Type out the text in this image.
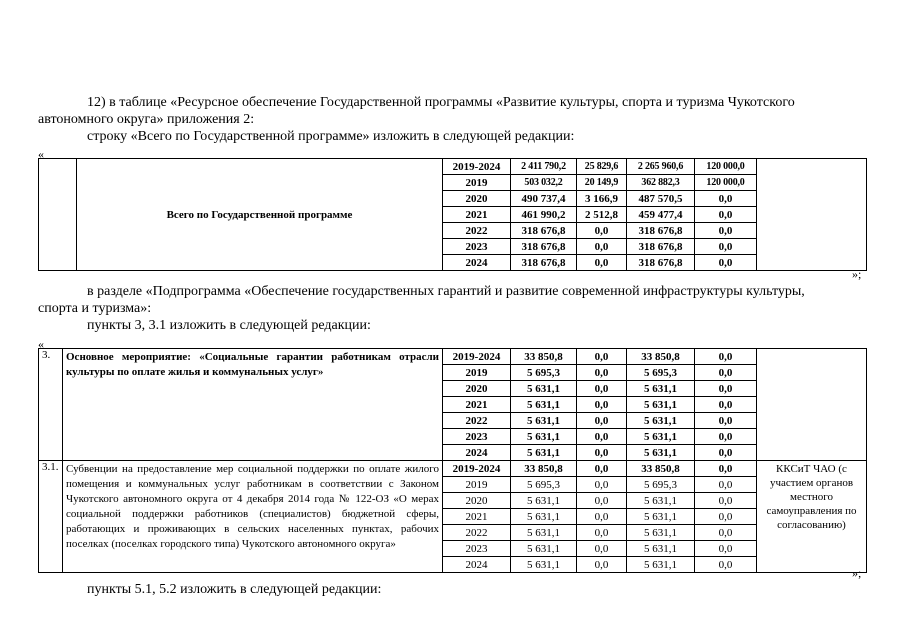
12) в таблице «Ресурсное обеспечение Государственной программы «Развитие культуры, спорта и туризма Чукотского
автономного округа» приложения 2:
строку «Всего по Государственной программе» изложить в следующей редакции:
«
	Всего по Государственной программе	2019-2024	2 411 790,2	25 829,6	2 265 960,6	120 000,0	
		2019	503 032,2	20 149,9	362 882,3	120 000,0	
		2020	490 737,4	3 166,9	487 570,5	0,0	
		2021	461 990,2	2 512,8	459 477,4	0,0	
		2022	318 676,8	0,0	318 676,8	0,0	
		2023	318 676,8	0,0	318 676,8	0,0	
		2024	318 676,8	0,0	318 676,8	0,0	
»;
в разделе «Подпрограмма «Обеспечение государственных гарантий и развитие современной инфраструктуры культуры,
спорта и туризма»:
пункты 3, 3.1 изложить в следующей редакции:
«
3.	Основное мероприятие: «Социальные гарантии работникам отрасли культуры по оплате жилья и коммунальных услуг»	2019-2024	33 850,8	0,0	33 850,8	0,0	
		2019	5 695,3	0,0	5 695,3	0,0	
		2020	5 631,1	0,0	5 631,1	0,0	
		2021	5 631,1	0,0	5 631,1	0,0	
		2022	5 631,1	0,0	5 631,1	0,0	
		2023	5 631,1	0,0	5 631,1	0,0	
		2024	5 631,1	0,0	5 631,1	0,0	
3.1.	Субвенции на предоставление мер социальной поддержки по оплате жилого помещения и коммунальных услуг работникам в соответствии с Законом Чукотского автономного округа от 4 декабря 2014 года № 122-ОЗ «О мерах социальной поддержки работников (специалистов) бюджетной сферы, работающих и проживающих в сельских населенных пунктах, рабочих поселках (поселках городского типа) Чукотского автономного округа»	2019-2024	33 850,8	0,0	33 850,8	0,0	ККСиТ ЧАО (с участием органов местного самоуправления по согласованию)
		2019	5 695,3	0,0	5 695,3	0,0	
		2020	5 631,1	0,0	5 631,1	0,0	
		2021	5 631,1	0,0	5 631,1	0,0	
		2022	5 631,1	0,0	5 631,1	0,0	
		2023	5 631,1	0,0	5 631,1	0,0	
		2024	5 631,1	0,0	5 631,1	0,0	
»;
пункты 5.1, 5.2 изложить в следующей редакции:
